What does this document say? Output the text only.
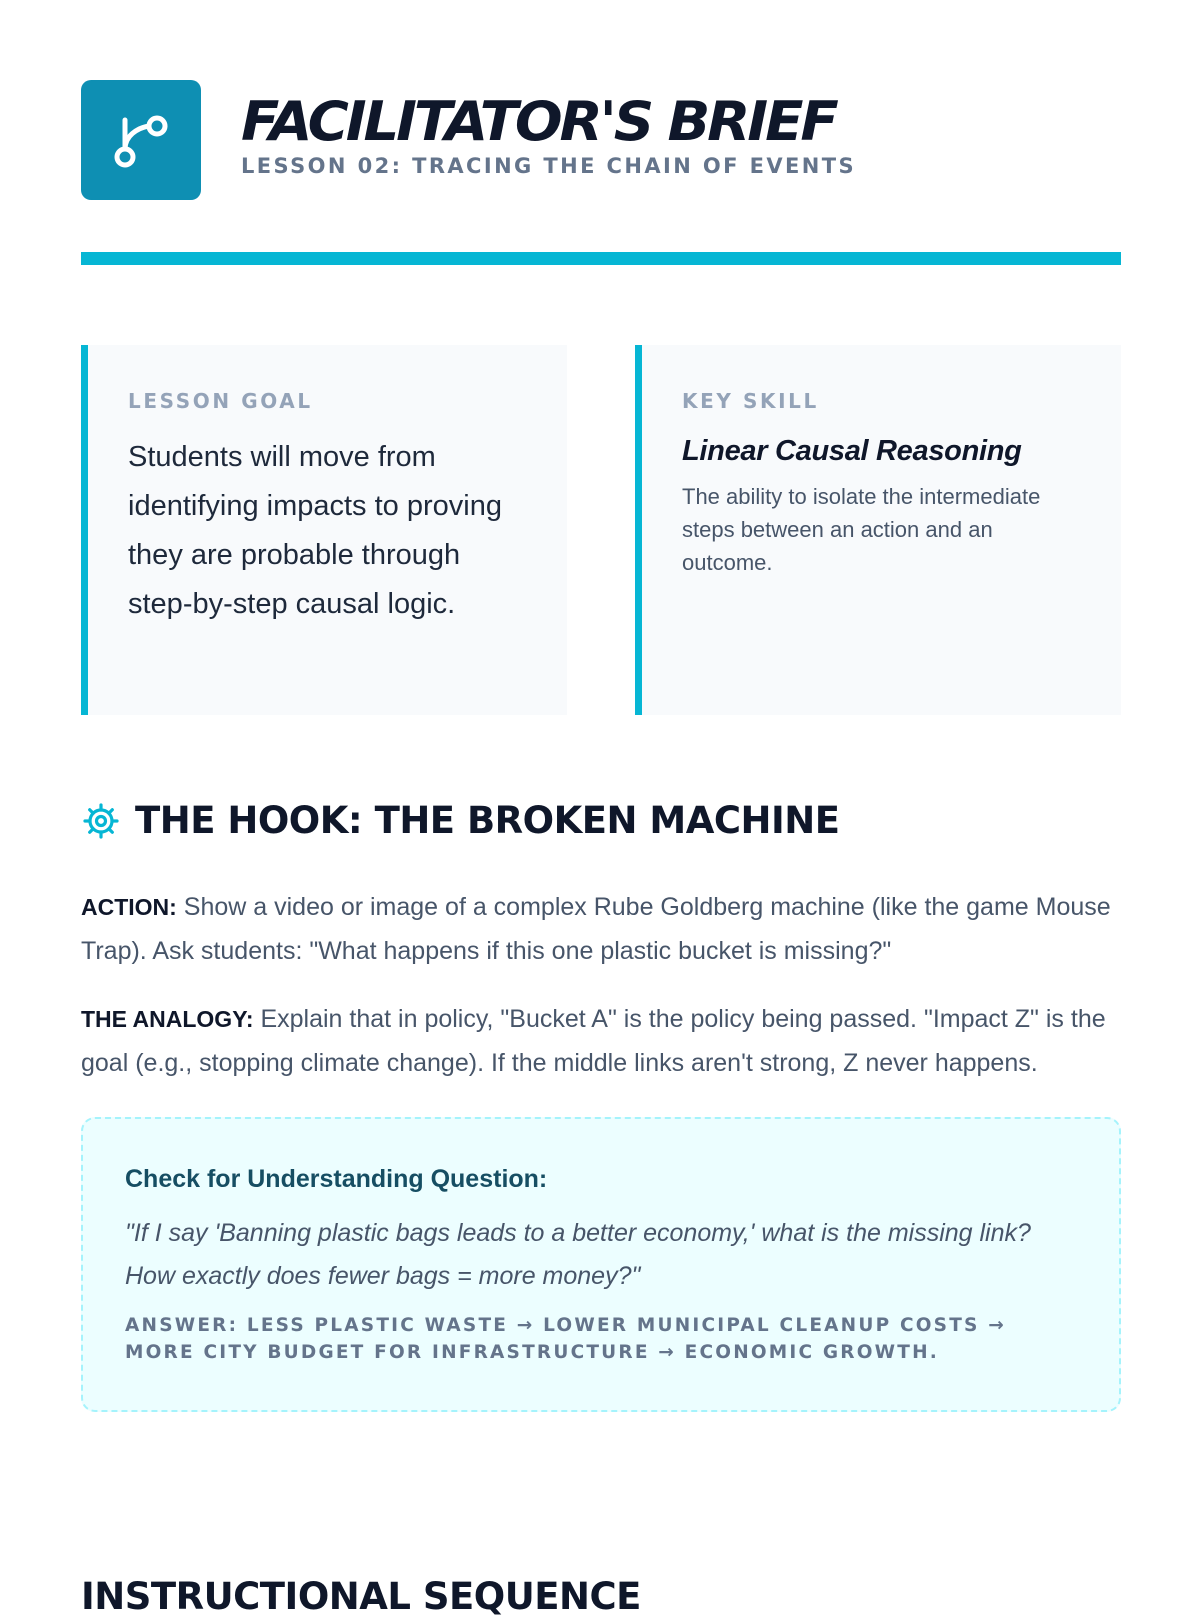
FACILITATOR'S BRIEF
LESSON 02: TRACING THE CHAIN OF EVENTS
LESSON GOAL
Students will move from identifying impacts to proving they are probable through step-by-step causal logic.
KEY SKILL
Linear Causal Reasoning
The ability to isolate the intermediate steps between an action and an outcome.
THE HOOK: THE BROKEN MACHINE

ACTION: Show a video or image of a complex Rube Goldberg machine (like the game Mouse Trap). Ask students: "What happens if this one plastic bucket is missing?"

THE ANALOGY: Explain that in policy, "Bucket A" is the policy being passed. "Impact Z" is the goal (e.g., stopping climate change). If the middle links aren't strong, Z never happens.

Check for Understanding Question:
"If I say 'Banning plastic bags leads to a better economy,' what is the missing link? How exactly does fewer bags = more money?"
ANSWER: LESS PLASTIC WASTE → LOWER MUNICIPAL CLEANUP COSTS → MORE CITY BUDGET FOR INFRASTRUCTURE → ECONOMIC GROWTH.
INSTRUCTIONAL SEQUENCE
